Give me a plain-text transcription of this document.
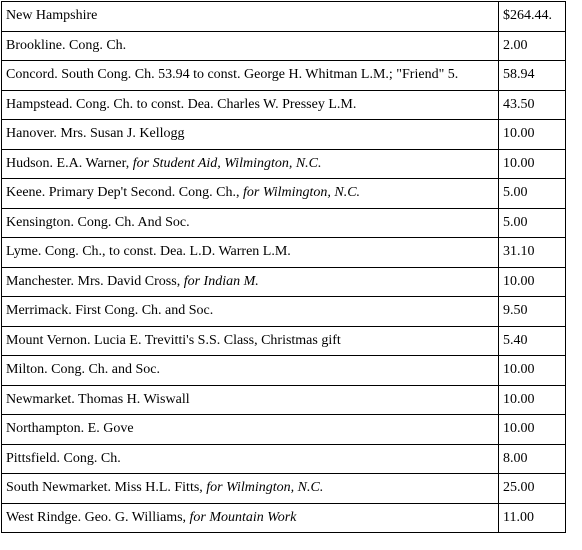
New Hampshire	$264.44.
Brookline. Cong. Ch.	2.00
Concord. South Cong. Ch. 53.94 to const. George H. Whitman L.M.; "Friend" 5.	58.94
Hampstead. Cong. Ch. to const. Dea. Charles W. Pressey L.M.	43.50
Hanover. Mrs. Susan J. Kellogg	10.00
Hudson. E.A. Warner, for Student Aid, Wilmington, N.C.	10.00
Keene. Primary Dep't Second. Cong. Ch., for Wilmington, N.C.	5.00
Kensington. Cong. Ch. And Soc.	5.00
Lyme. Cong. Ch., to const. Dea. L.D. Warren L.M.	31.10
Manchester. Mrs. David Cross, for Indian M.	10.00
Merrimack. First Cong. Ch. and Soc.	9.50
Mount Vernon. Lucia E. Trevitti's S.S. Class, Christmas gift	5.40
Milton. Cong. Ch. and Soc.	10.00
Newmarket. Thomas H. Wiswall	10.00
Northampton. E. Gove	10.00
Pittsfield. Cong. Ch.	8.00
South Newmarket. Miss H.L. Fitts, for Wilmington, N.C.	25.00
West Rindge. Geo. G. Williams, for Mountain Work	11.00
